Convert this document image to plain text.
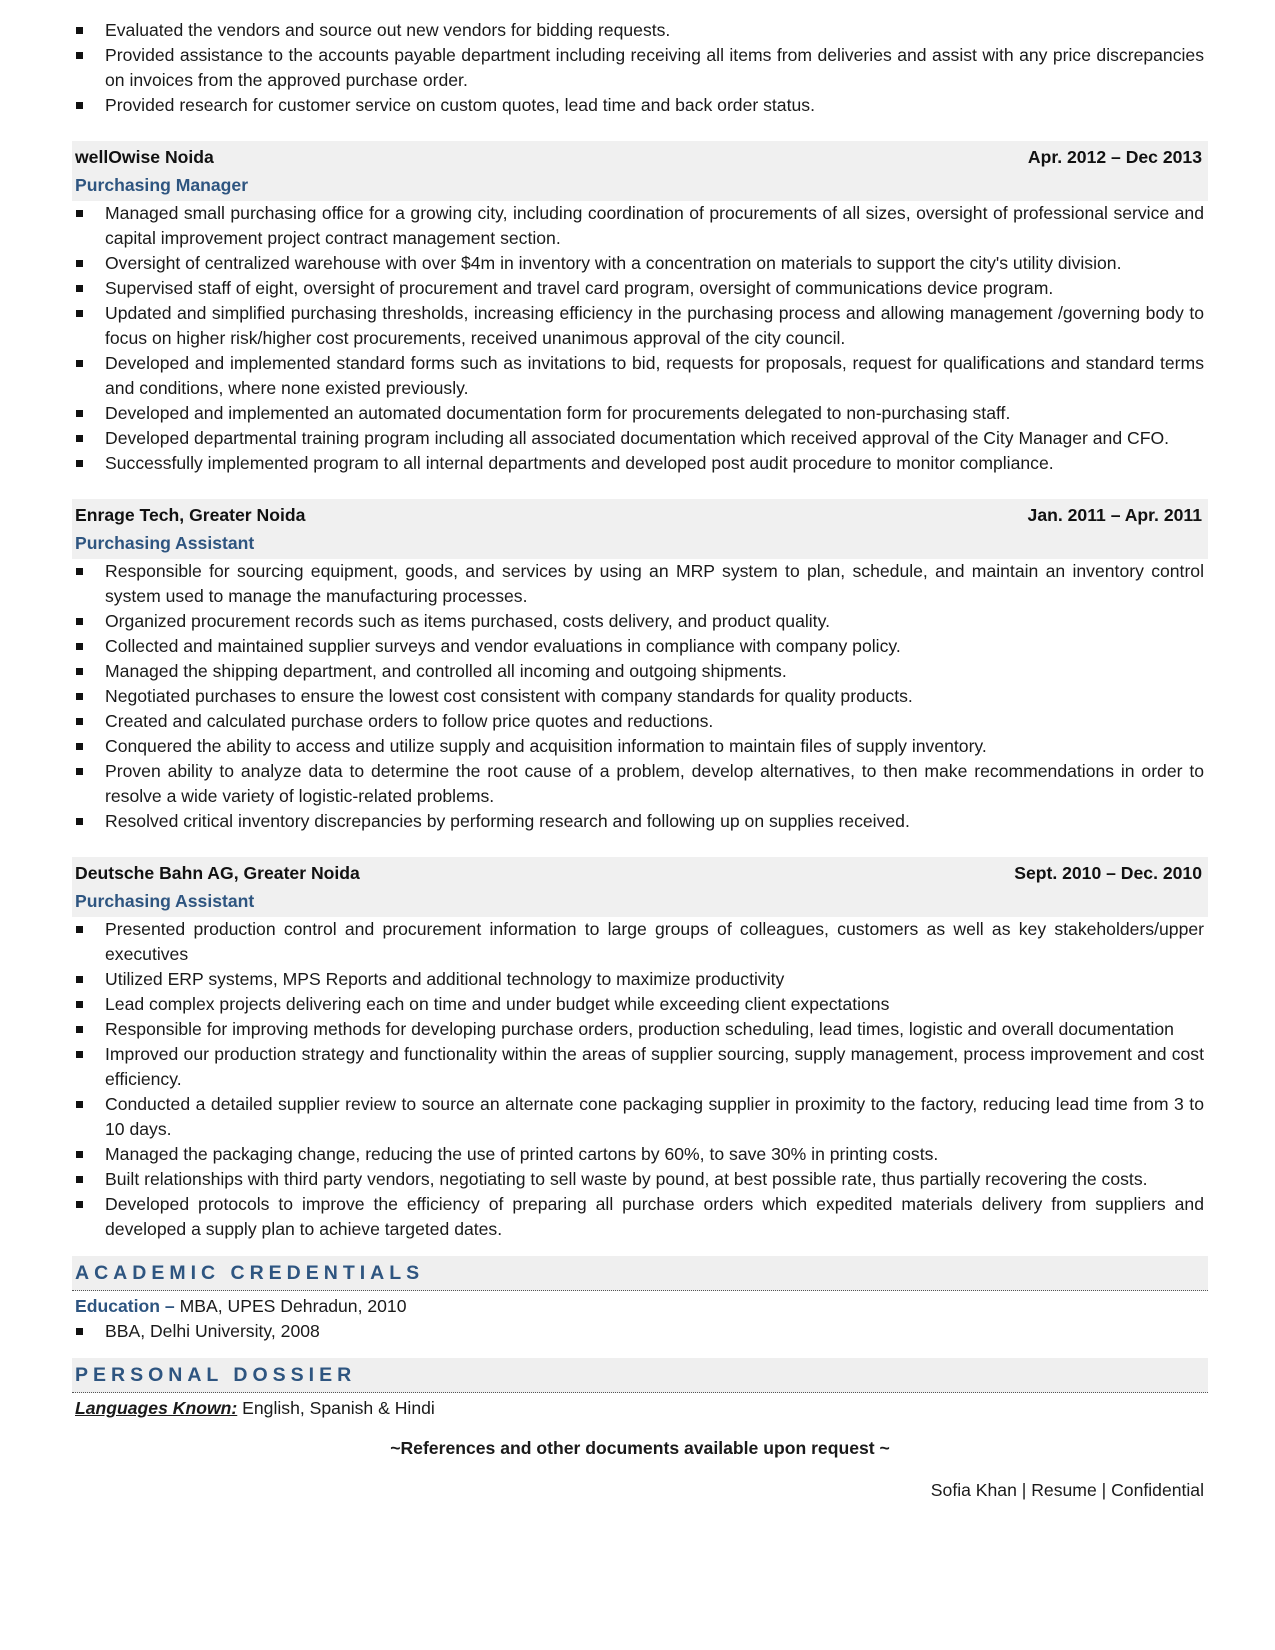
Evaluated the vendors and source out new vendors for bidding requests.
Provided assistance to the accounts payable department including receiving all items from deliveries and assist with any price discrepancies on invoices from the approved purchase order.
Provided research for customer service on custom quotes, lead time and back order status.
wellOwise Noida	Apr. 2012 – Dec 2013
Purchasing Manager
Managed small purchasing office for a growing city, including coordination of procurements of all sizes, oversight of professional service and capital improvement project contract management section.
Oversight of centralized warehouse with over $4m in inventory with a concentration on materials to support the city's utility division.
Supervised staff of eight, oversight of procurement and travel card program, oversight of communications device program.
Updated and simplified purchasing thresholds, increasing efficiency in the purchasing process and allowing management /governing body to focus on higher risk/higher cost procurements, received unanimous approval of the city council.
Developed and implemented standard forms such as invitations to bid, requests for proposals, request for qualifications and standard terms and conditions, where none existed previously.
Developed and implemented an automated documentation form for procurements delegated to non-purchasing staff.
Developed departmental training program including all associated documentation which received approval of the City Manager and CFO.
Successfully implemented program to all internal departments and developed post audit procedure to monitor compliance.
Enrage Tech, Greater Noida	Jan. 2011 – Apr. 2011
Purchasing Assistant
Responsible for sourcing equipment, goods, and services by using an MRP system to plan, schedule, and maintain an inventory control system used to manage the manufacturing processes.
Organized procurement records such as items purchased, costs delivery, and product quality.
Collected and maintained supplier surveys and vendor evaluations in compliance with company policy.
Managed the shipping department, and controlled all incoming and outgoing shipments.
Negotiated purchases to ensure the lowest cost consistent with company standards for quality products.
Created and calculated purchase orders to follow price quotes and reductions.
Conquered the ability to access and utilize supply and acquisition information to maintain files of supply inventory.
Proven ability to analyze data to determine the root cause of a problem, develop alternatives, to then make recommendations in order to resolve a wide variety of logistic-related problems.
Resolved critical inventory discrepancies by performing research and following up on supplies received.
Deutsche Bahn AG, Greater Noida	Sept. 2010 – Dec. 2010
Purchasing Assistant
Presented production control and procurement information to large groups of colleagues, customers as well as key stakeholders/upper executives
Utilized ERP systems, MPS Reports and additional technology to maximize productivity
Lead complex projects delivering each on time and under budget while exceeding client expectations
Responsible for improving methods for developing purchase orders, production scheduling, lead times, logistic and overall documentation
Improved our production strategy and functionality within the areas of supplier sourcing, supply management, process improvement and cost efficiency.
Conducted a detailed supplier review to source an alternate cone packaging supplier in proximity to the factory, reducing lead time from 3 to 10 days.
Managed the packaging change, reducing the use of printed cartons by 60%, to save 30% in printing costs.
Built relationships with third party vendors, negotiating to sell waste by pound, at best possible rate, thus partially recovering the costs.
Developed protocols to improve the efficiency of preparing all purchase orders which expedited materials delivery from suppliers and developed a supply plan to achieve targeted dates.
ACADEMIC CREDENTIALS
Education – MBA, UPES Dehradun, 2010
BBA, Delhi University, 2008
PERSONAL DOSSIER
Languages Known: English, Spanish & Hindi
~References and other documents available upon request ~
Sofia Khan | Resume | Confidential
